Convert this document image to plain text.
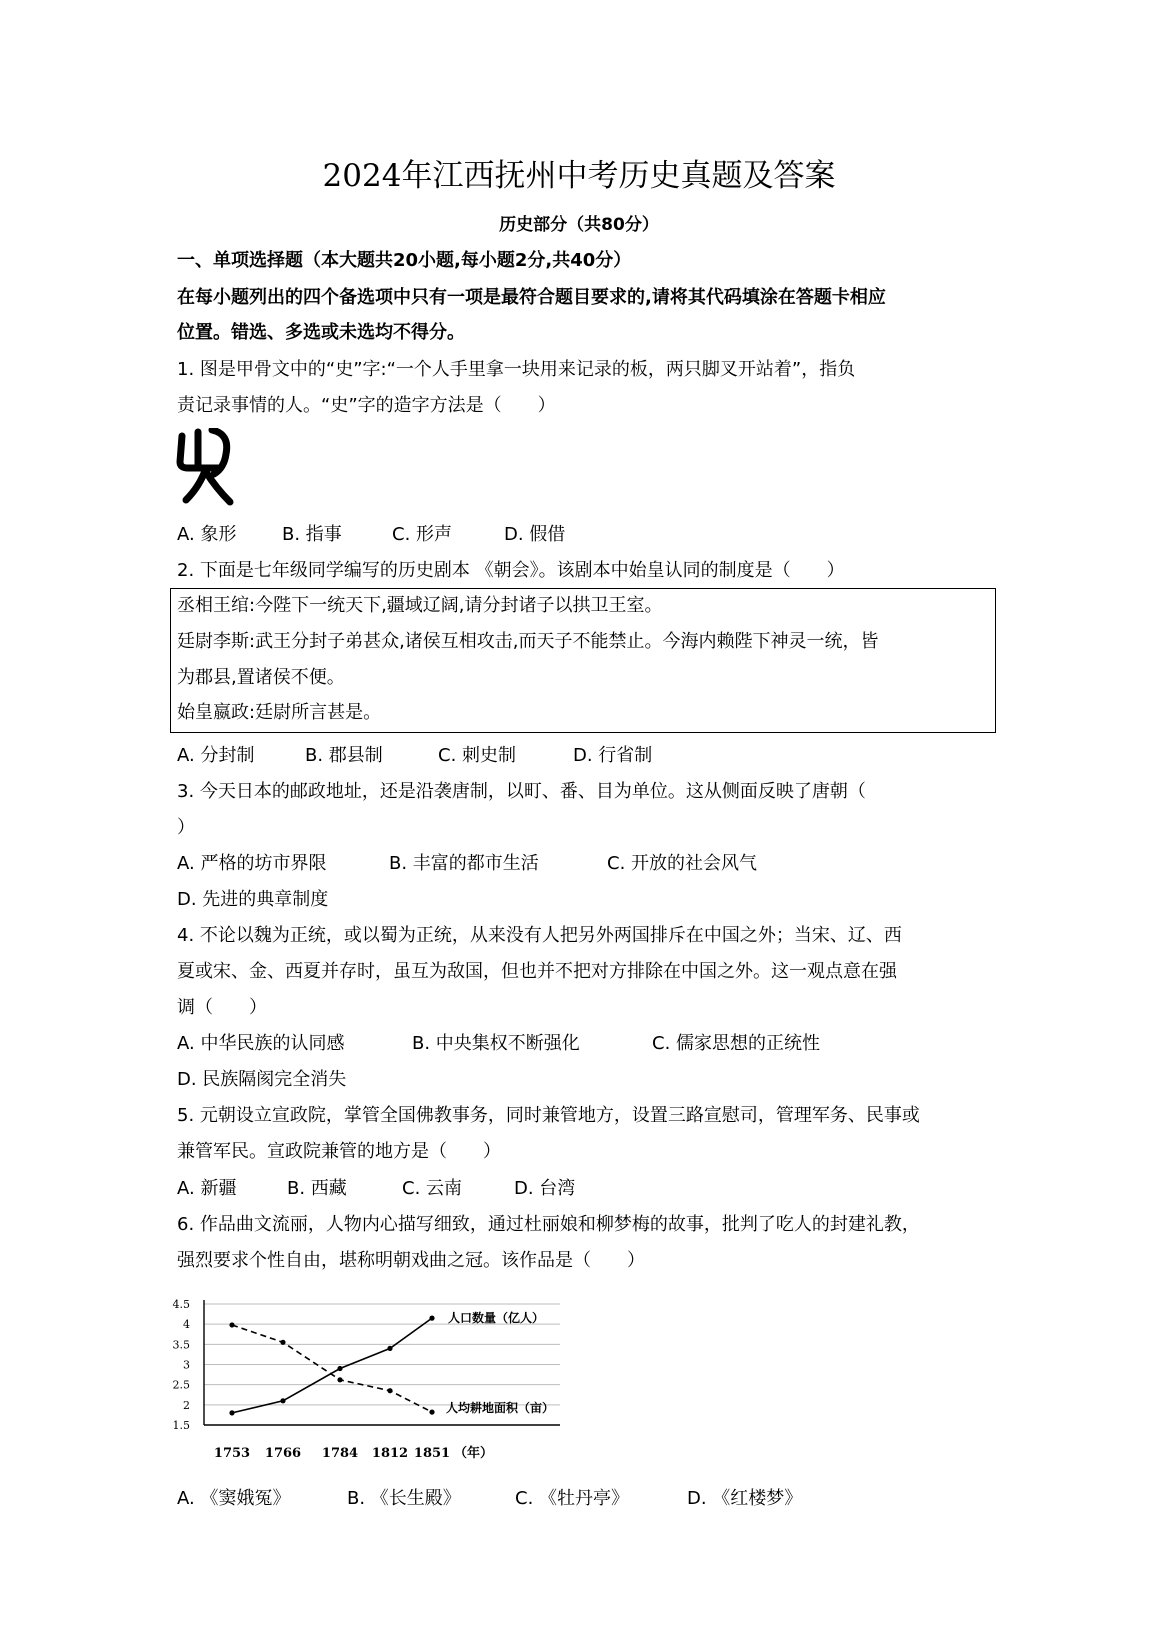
2024年江西抚州中考历史真题及答案
历史部分（共80分）
一、单项选择题（本大题共20小题,每小题2分,共40分）
在每小题列出的四个备选项中只有一项是最符合题目要求的,请将其代码填涂在答题卡相应
位置。错选、多选或未选均不得分。
1. 图是甲骨文中的“史”字:“一个人手里拿一块用来记录的板，两只脚叉开站着”，指负
责记录事情的人。“史”字的造字方法是（　　）
A. 象形	B. 指事	C. 形声	D. 假借
2. 下面是七年级同学编写的历史剧本 《朝会》。该剧本中始皇认同的制度是（　　）
丞相王绾:今陛下一统天下,疆域辽阔,请分封诸子以拱卫王室。
廷尉李斯:武王分封子弟甚众,诸侯互相攻击,而天子不能禁止。今海内赖陛下神灵一统，皆
为郡县,置诸侯不便。
始皇嬴政:廷尉所言甚是。
A. 分封制	B. 郡县制	C. 刺史制	D. 行省制
3. 今天日本的邮政地址，还是沿袭唐制，以町、番、目为单位。这从侧面反映了唐朝（
）
A. 严格的坊市界限	B. 丰富的都市生活	C. 开放的社会风气
D. 先进的典章制度
4. 不论以魏为正统，或以蜀为正统，从来没有人把另外两国排斥在中国之外；当宋、辽、西
夏或宋、金、西夏并存时，虽互为敌国，但也并不把对方排除在中国之外。这一观点意在强
调（　　）
A. 中华民族的认同感	B. 中央集权不断强化	C. 儒家思想的正统性
D. 民族隔阂完全消失
5. 元朝设立宣政院，掌管全国佛教事务，同时兼管地方，设置三路宣慰司，管理军务、民事或
兼管军民。宣政院兼管的地方是（　　）
A. 新疆	B. 西藏	C. 云南	D. 台湾
6. 作品曲文流丽，人物内心描写细致，通过杜丽娘和柳梦梅的故事，批判了吃人的封建礼教，
强烈要求个性自由，堪称明朝戏曲之冠。该作品是（　　）
4.5
4
3.5
3
2.5
2
1.5
1753 1766 1784 1812 1851
人口数量（亿人）
人均耕地面积（亩）
（年）
A. 《窦娥冤》	B. 《长生殿》	C. 《牡丹亭》	D. 《红楼梦》
